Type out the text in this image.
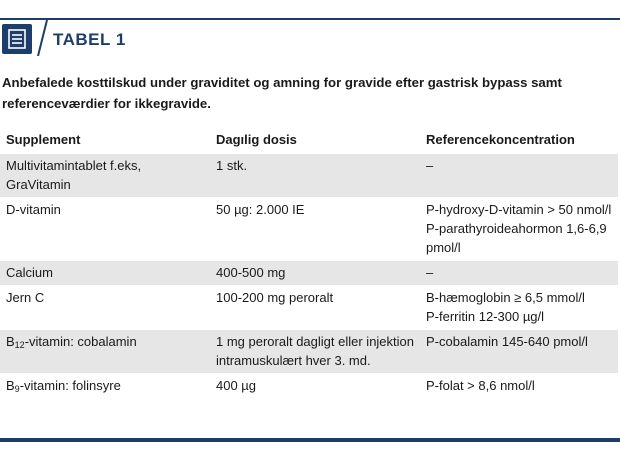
TABEL 1
Anbefalede kosttilskud under graviditet og amning for gravide efter gastrisk bypass samt referenceværdier for ikkegravide.
Supplement	Dagılig dosis	Referencekoncentration
Multivitamintablet f.eks, GraVitamin	1 stk.	–
D-vitamin	50 µg: 2.000 IE	P-hydroxy-D-vitamin > 50 nmol/l
P-parathyroideahormon 1,6-6,9 pmol/l
Calcium	400-500 mg	–
Jern C	100-200 mg peroralt	B-hæmoglobin ≥ 6,5 mmol/l
P-ferritin 12-300 µg/l
$B_{12}$-vitamin: cobalamin	1 mg peroralt dagligt eller injektion intramuskulært hver 3. md.	P-cobalamin 145-640 pmol/l
$B_9$-vitamin: folinsyre	400 µg	P-folat > 8,6 nmol/l
